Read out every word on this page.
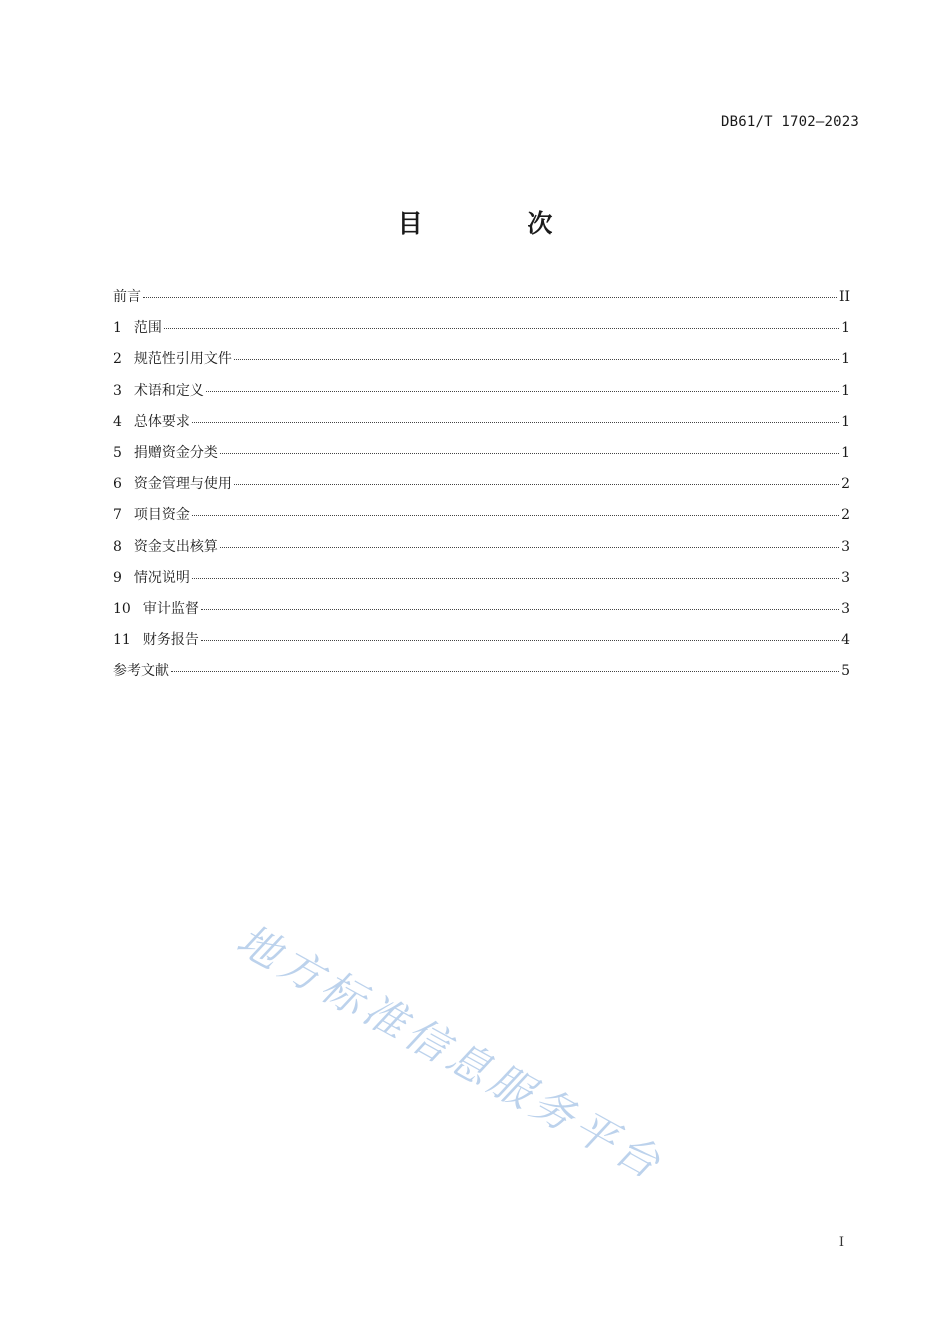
DB61/T 1702—2023
目 次
前言	II
1 范围	1
2 规范性引用文件	1
3 术语和定义	1
4 总体要求	1
5 捐赠资金分类	1
6 资金管理与使用	2
7 项目资金	2
8 资金支出核算	3
9 情况说明	3
10 审计监督	3
11 财务报告	4
参考文献	5
地方标准信息服务平台
I
